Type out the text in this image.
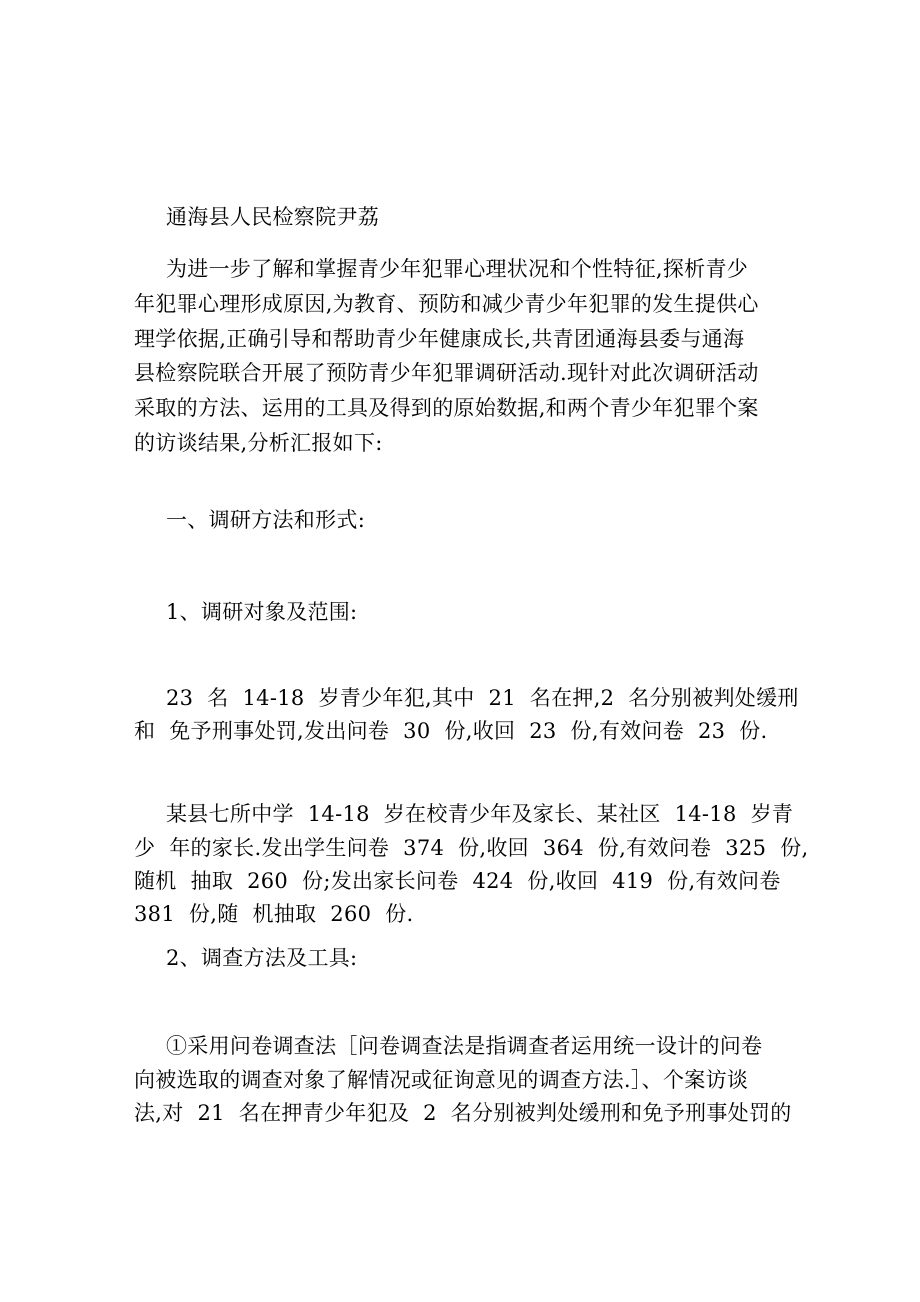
通海县人民检察院尹荔

为进一步了解和掌握青少年犯罪心理状况和个性特征,探析青少

年犯罪心理形成原因,为教育、预防和减少青少年犯罪的发生提供心

理学依据,正确引导和帮助青少年健康成长,共青团通海县委与通海

县检察院联合开展了预防青少年犯罪调研活动.现针对此次调研活动

采取的方法、运用的工具及得到的原始数据,和两个青少年犯罪个案

的访谈结果,分析汇报如下:

一、调研方法和形式:

1、调研对象及范围:

23  名  14-18  岁青少年犯,其中  21  名在押,2  名分别被判处缓刑

和  免予刑事处罚,发出问卷  30  份,收回  23  份,有效问卷  23  份.

某县七所中学  14-18  岁在校青少年及家长、某社区  14-18  岁青

少  年的家长.发出学生问卷  374  份,收回  364  份,有效问卷  325  份,

随机  抽取  260  份;发出家长问卷  424  份,收回  419  份,有效问卷

381  份,随  机抽取  260  份.

2、调查方法及工具:

①采用问卷调查法［问卷调查法是指调查者运用统一设计的问卷

向被选取的调查对象了解情况或征询意见的调查方法.］、个案访谈

法,对  21  名在押青少年犯及  2  名分别被判处缓刑和免予刑事处罚的
